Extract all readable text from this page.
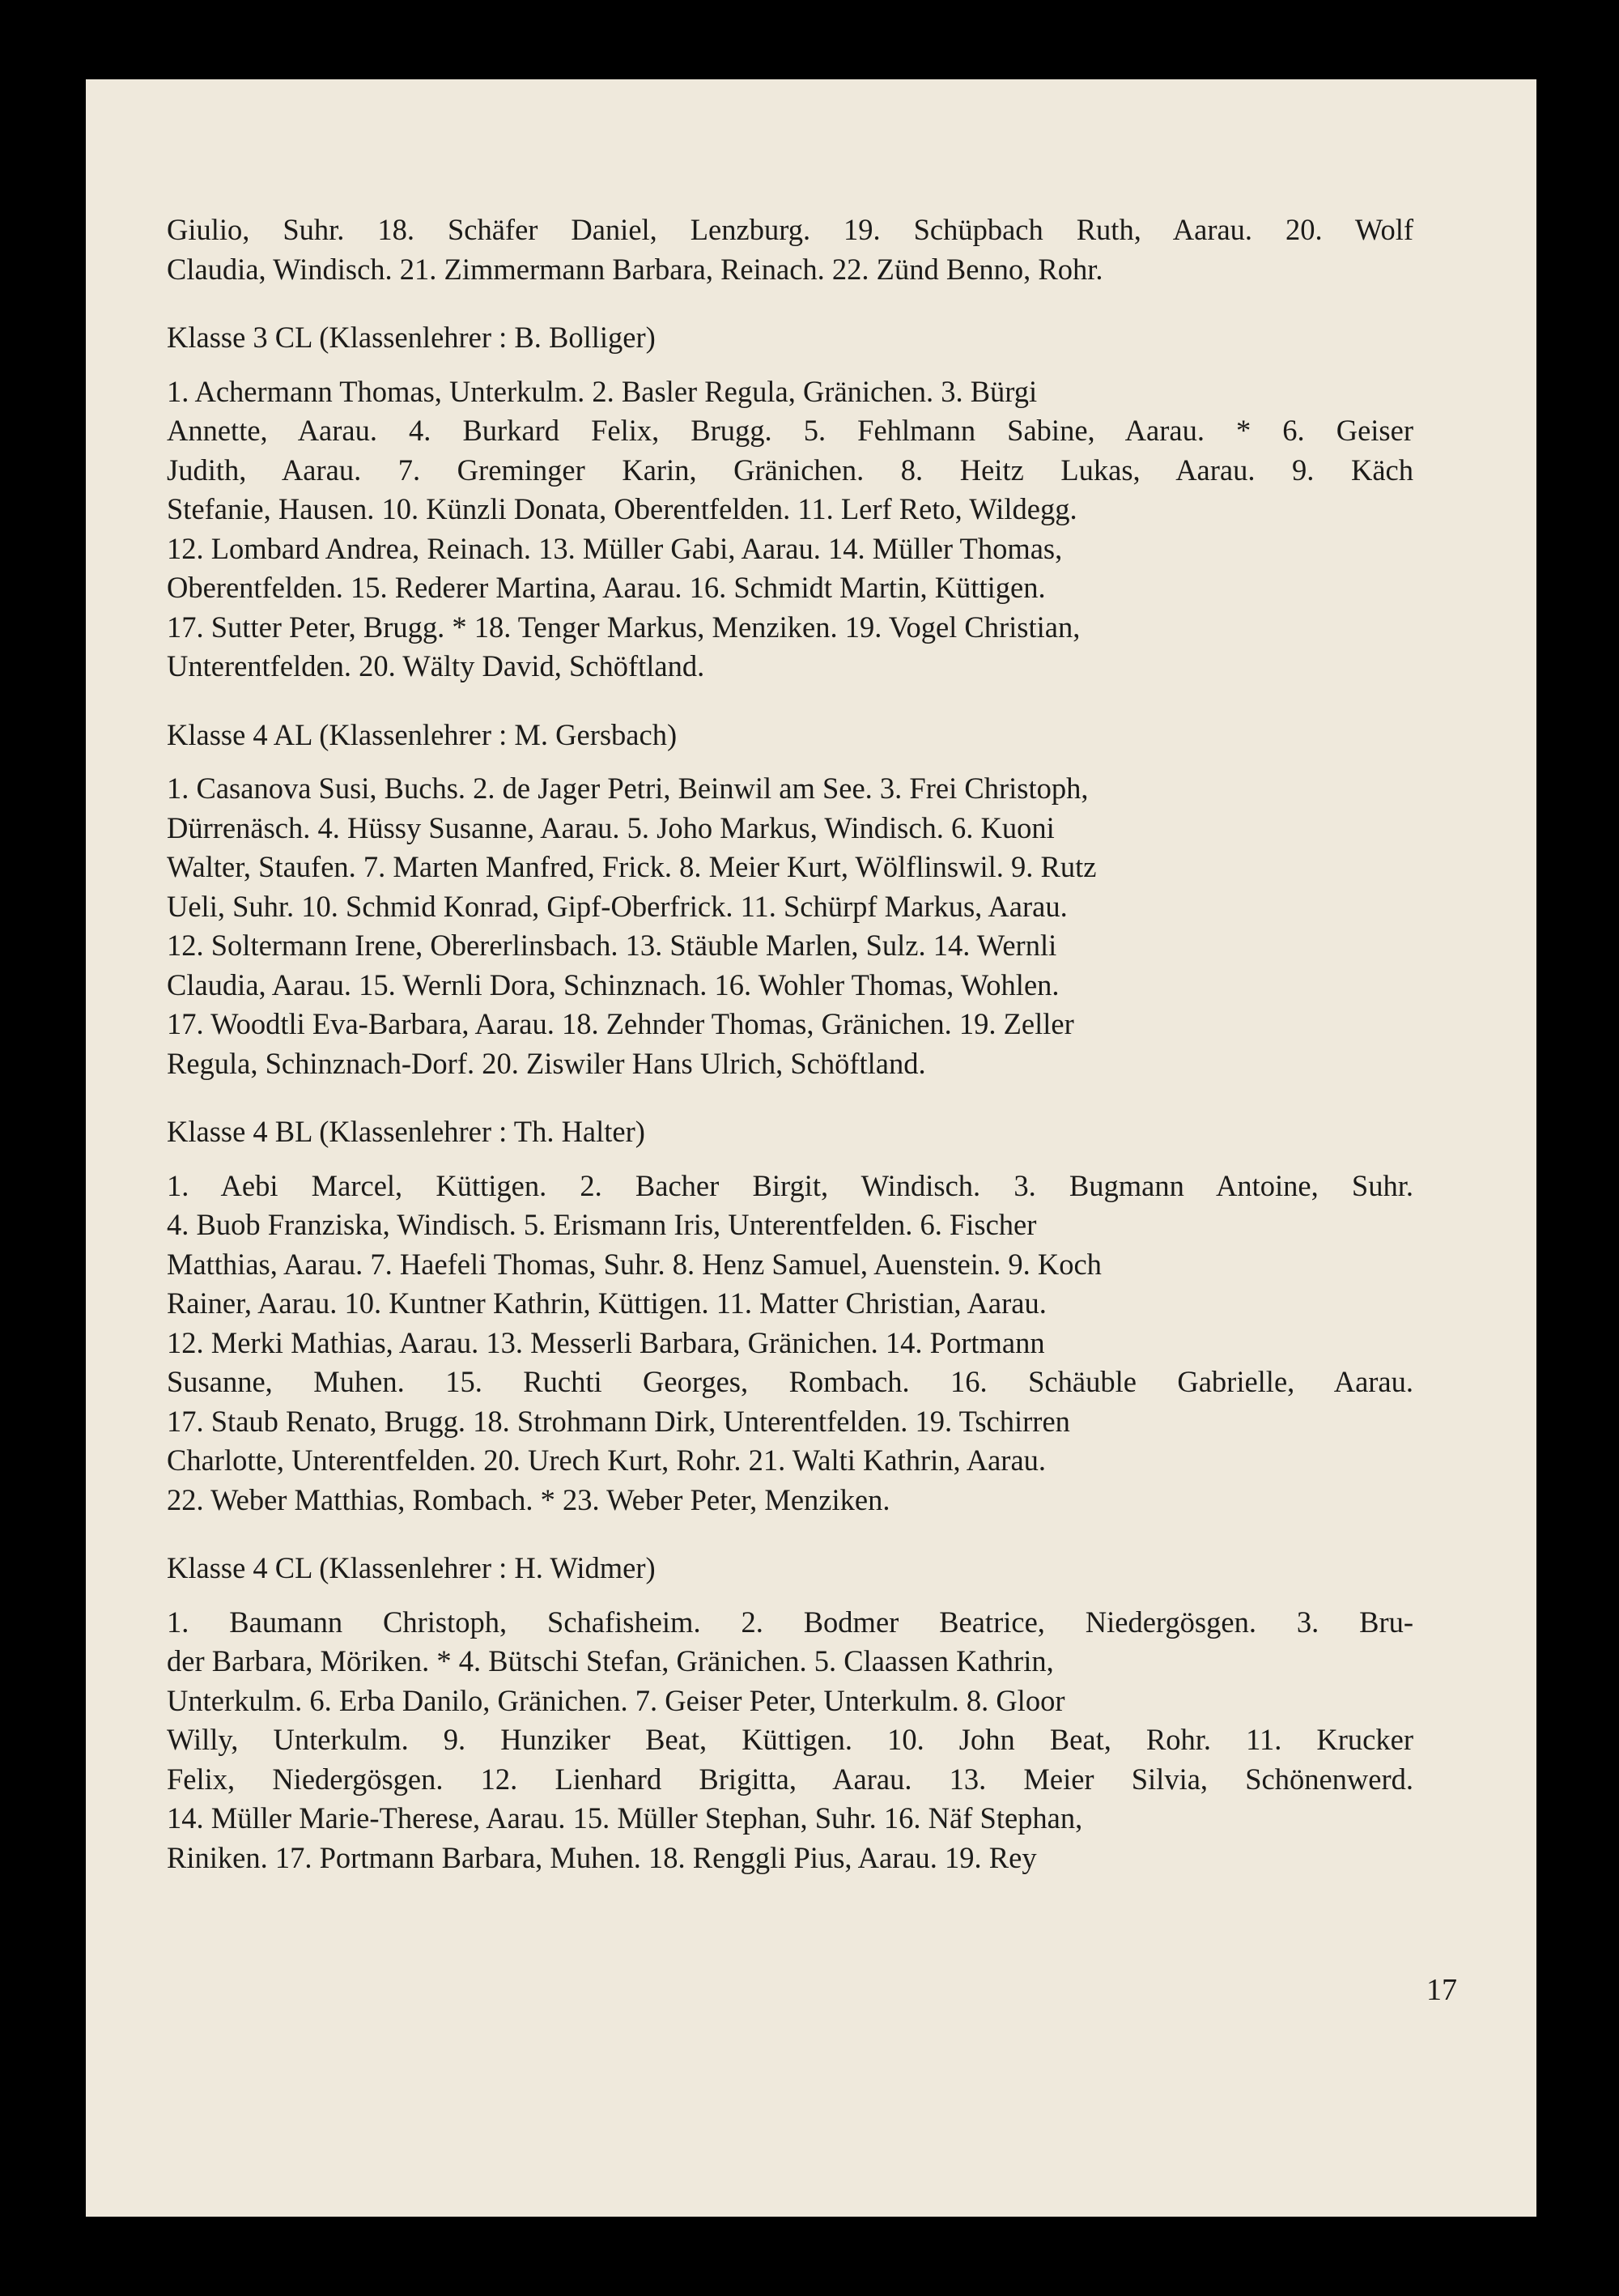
Giulio, Suhr. 18. Schäfer Daniel, Lenzburg. 19. Schüpbach Ruth, Aarau. 20. Wolf
Claudia, Windisch. 21. Zimmermann Barbara, Reinach. 22. Zünd Benno, Rohr.
Klasse 3 CL (Klassenlehrer : B. Bolliger)
1. Achermann Thomas, Unterkulm. 2. Basler Regula, Gränichen. 3. Bürgi
Annette, Aarau. 4. Burkard Felix, Brugg. 5. Fehlmann Sabine, Aarau. * 6. Geiser
Judith, Aarau. 7. Greminger Karin, Gränichen. 8. Heitz Lukas, Aarau. 9. Käch
Stefanie, Hausen. 10. Künzli Donata, Oberentfelden. 11. Lerf Reto, Wildegg.
12. Lombard Andrea, Reinach. 13. Müller Gabi, Aarau. 14. Müller Thomas,
Oberentfelden. 15. Rederer Martina, Aarau. 16. Schmidt Martin, Küttigen.
17. Sutter Peter, Brugg. * 18. Tenger Markus, Menziken. 19. Vogel Christian,
Unterentfelden. 20. Wälty David, Schöftland.
Klasse 4 AL (Klassenlehrer : M. Gersbach)
1. Casanova Susi, Buchs. 2. de Jager Petri, Beinwil am See. 3. Frei Christoph,
Dürrenäsch. 4. Hüssy Susanne, Aarau. 5. Joho Markus, Windisch. 6. Kuoni
Walter, Staufen. 7. Marten Manfred, Frick. 8. Meier Kurt, Wölflinswil. 9. Rutz
Ueli, Suhr. 10. Schmid Konrad, Gipf-Oberfrick. 11. Schürpf Markus, Aarau.
12. Soltermann Irene, Obererlinsbach. 13. Stäuble Marlen, Sulz. 14. Wernli
Claudia, Aarau. 15. Wernli Dora, Schinznach. 16. Wohler Thomas, Wohlen.
17. Woodtli Eva-Barbara, Aarau. 18. Zehnder Thomas, Gränichen. 19. Zeller
Regula, Schinznach-Dorf. 20. Ziswiler Hans Ulrich, Schöftland.
Klasse 4 BL (Klassenlehrer : Th. Halter)
1. Aebi Marcel, Küttigen. 2. Bacher Birgit, Windisch. 3. Bugmann Antoine, Suhr.
4. Buob Franziska, Windisch. 5. Erismann Iris, Unterentfelden. 6. Fischer
Matthias, Aarau. 7. Haefeli Thomas, Suhr. 8. Henz Samuel, Auenstein. 9. Koch
Rainer, Aarau. 10. Kuntner Kathrin, Küttigen. 11. Matter Christian, Aarau.
12. Merki Mathias, Aarau. 13. Messerli Barbara, Gränichen. 14. Portmann
Susanne, Muhen. 15. Ruchti Georges, Rombach. 16. Schäuble Gabrielle, Aarau.
17. Staub Renato, Brugg. 18. Strohmann Dirk, Unterentfelden. 19. Tschirren
Charlotte, Unterentfelden. 20. Urech Kurt, Rohr. 21. Walti Kathrin, Aarau.
22. Weber Matthias, Rombach. * 23. Weber Peter, Menziken.
Klasse 4 CL (Klassenlehrer : H. Widmer)
1. Baumann Christoph, Schafisheim. 2. Bodmer Beatrice, Niedergösgen. 3. Bru-
der Barbara, Möriken. * 4. Bütschi Stefan, Gränichen. 5. Claassen Kathrin,
Unterkulm. 6. Erba Danilo, Gränichen. 7. Geiser Peter, Unterkulm. 8. Gloor
Willy, Unterkulm. 9. Hunziker Beat, Küttigen. 10. John Beat, Rohr. 11. Krucker
Felix, Niedergösgen. 12. Lienhard Brigitta, Aarau. 13. Meier Silvia, Schönenwerd.
14. Müller Marie-Therese, Aarau. 15. Müller Stephan, Suhr. 16. Näf Stephan,
Riniken. 17. Portmann Barbara, Muhen. 18. Renggli Pius, Aarau. 19. Rey
17
